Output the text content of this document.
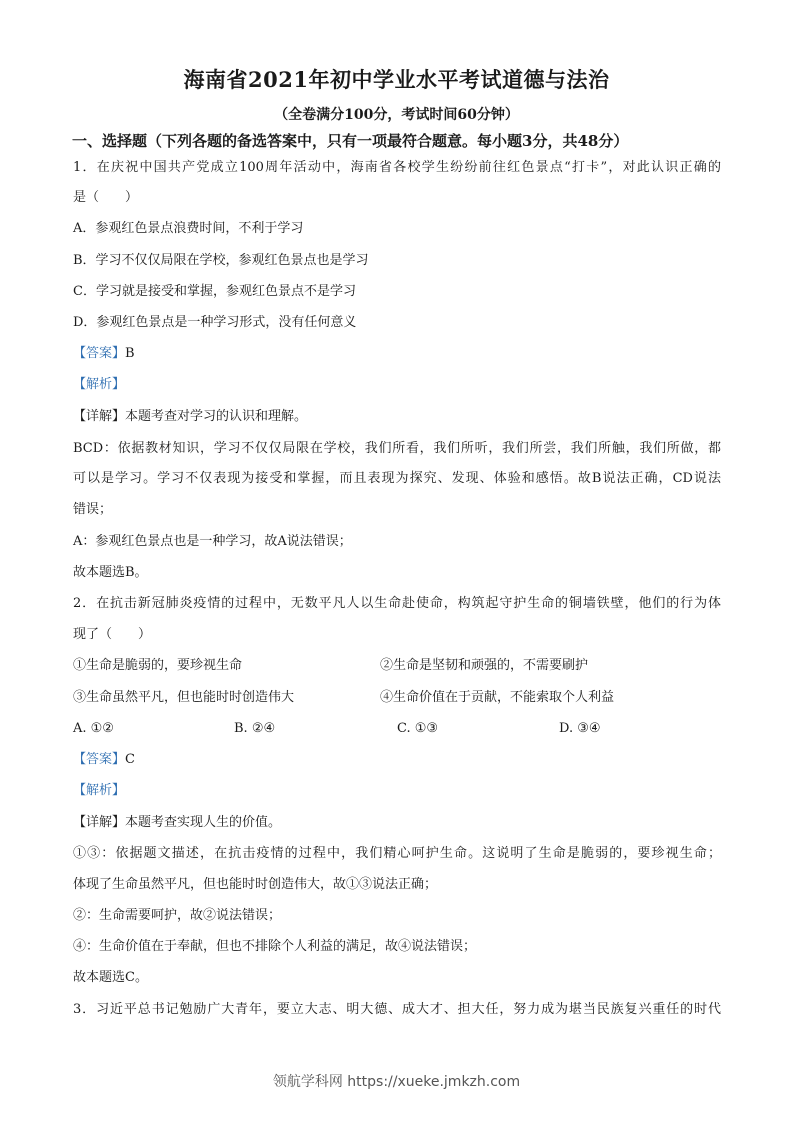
海南省2021年初中学业水平考试道德与法治
（全卷满分100分，考试时间60分钟）
一、选择题（下列各题的备选答案中，只有一项最符合题意。每小题3分，共48分）
1．在庆祝中国共产党成立100周年活动中，海南省各校学生纷纷前往红色景点“打卡”，对此认识正确的
是（　　）
A．参观红色景点浪费时间，不利于学习
B．学习不仅仅局限在学校，参观红色景点也是学习
C．学习就是接受和掌握，参观红色景点不是学习
D．参观红色景点是一种学习形式，没有任何意义
【答案】B
【解析】
【详解】本题考查对学习的认识和理解。
BCD：依据教材知识，学习不仅仅局限在学校，我们所看，我们所听，我们所尝，我们所触，我们所做，都
可以是学习。学习不仅表现为接受和掌握，而且表现为探究、发现、体验和感悟。故B说法正确，CD说法
错误；
A：参观红色景点也是一种学习，故A说法错误；
故本题选B。
2．在抗击新冠肺炎疫情的过程中，无数平凡人以生命赴使命，构筑起守护生命的铜墙铁壁，他们的行为体
现了（　　）
①生命是脆弱的，要珍视生命	②生命是坚韧和顽强的，不需要刷护
③生命虽然平凡，但也能时时创造伟大	④生命价值在于贡献，不能索取个人利益
A. ①②	B. ②④	C. ①③	D. ③④
【答案】C
【解析】
【详解】本题考查实现人生的价值。
①③：依据题文描述，在抗击疫情的过程中，我们精心呵护生命。这说明了生命是脆弱的，要珍视生命；
体现了生命虽然平凡，但也能时时创造伟大，故①③说法正确；
②：生命需要呵护，故②说法错误；
④：生命价值在于奉献，但也不排除个人利益的满足，故④说法错误；
故本题选C。
3．习近平总书记勉励广大青年，要立大志、明大德、成大才、担大任，努力成为堪当民族复兴重任的时代
领航学科网 https://xueke.jmkzh.com
